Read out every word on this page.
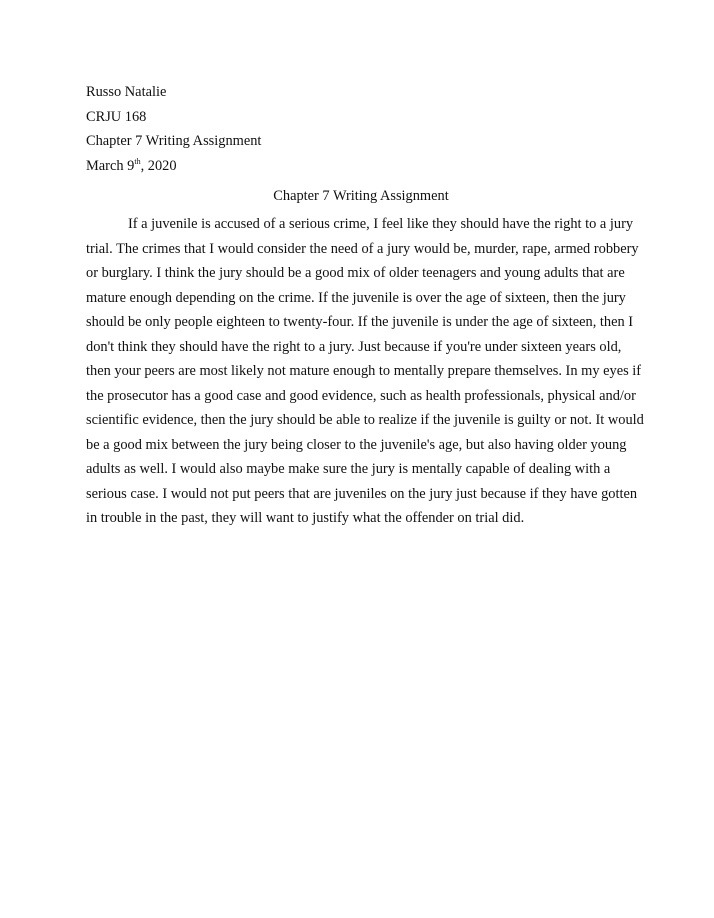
Russo Natalie
CRJU 168
Chapter 7 Writing Assignment
March 9th, 2020
Chapter 7 Writing Assignment
If a juvenile is accused of a serious crime, I feel like they should have the right to a jury
trial. The crimes that I would consider the need of a jury would be, murder, rape, armed robbery
or burglary. I think the jury should be a good mix of older teenagers and young adults that are
mature enough depending on the crime. If the juvenile is over the age of sixteen, then the jury
should be only people eighteen to twenty-four. If the juvenile is under the age of sixteen, then I
don't think they should have the right to a jury. Just because if you're under sixteen years old,
then your peers are most likely not mature enough to mentally prepare themselves. In my eyes if
the prosecutor has a good case and good evidence, such as health professionals, physical and/or
scientific evidence, then the jury should be able to realize if the juvenile is guilty or not. It would
be a good mix between the jury being closer to the juvenile's age, but also having older young
adults as well. I would also maybe make sure the jury is mentally capable of dealing with a
serious case. I would not put peers that are juveniles on the jury just because if they have gotten
in trouble in the past, they will want to justify what the offender on trial did.
